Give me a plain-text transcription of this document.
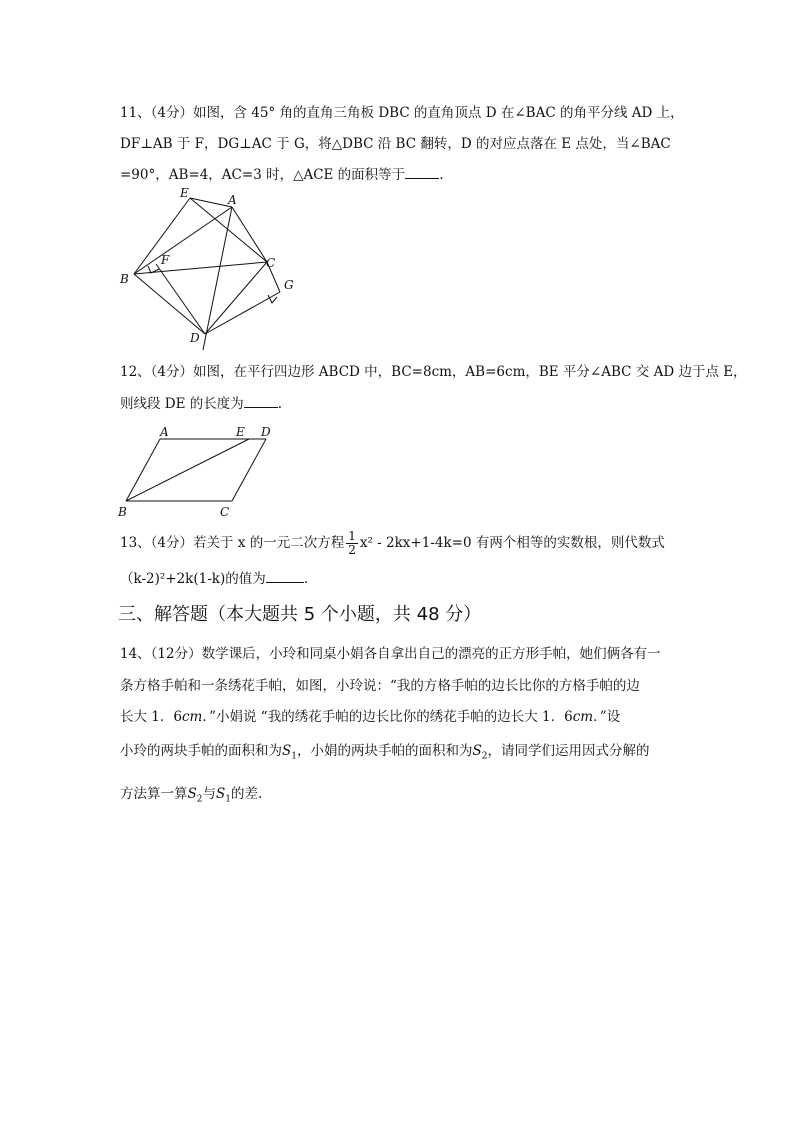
11、（4分）如图，含 45° 角的直角三角板 DBC 的直角顶点 D 在∠BAC 的角平分线 AD 上，
DF⊥AB 于 F，DG⊥AC 于 G，将△DBC 沿 BC 翻转，D 的对应点落在 E 点处，当∠BAC
=90°，AB=4，AC=3 时，△ACE 的面积等于	.
E	A
F
B
C
G
D
12、（4分）如图，在平行四边形 ABCD 中，BC=8cm，AB=6cm，BE 平分∠ABC 交 AD 边于点 E，
则线段 DE 的长度为	.
A	E D
B	C
13、（4分）若关于 x 的一元二次方程 $\frac{1}{2} x^2 - 2kx+1-4k=0$ 有两个相等的实数根，则代数式
（k-2)²+2k(1-k)的值为	.
三、解答题（本大题共 5 个小题，共 48 分）
14、（12分）数学课后，小玲和同桌小娟各自拿出自己的漂亮的正方形手帕，她们俩各有一
条方格手帕和一条绣花手帕，如图，小玲说：“我的方格手帕的边长比你的方格手帕的边
长大 1．6cm．”小娟说 “我的绣花手帕的边长比你的绣花手帕的边长大 1．6cm．”设
小玲的两块手帕的面积和为$S_1$，小娟的两块手帕的面积和为$S_2$，请同学们运用因式分解的
方法算一算$S_2$与$S_1$的差.
